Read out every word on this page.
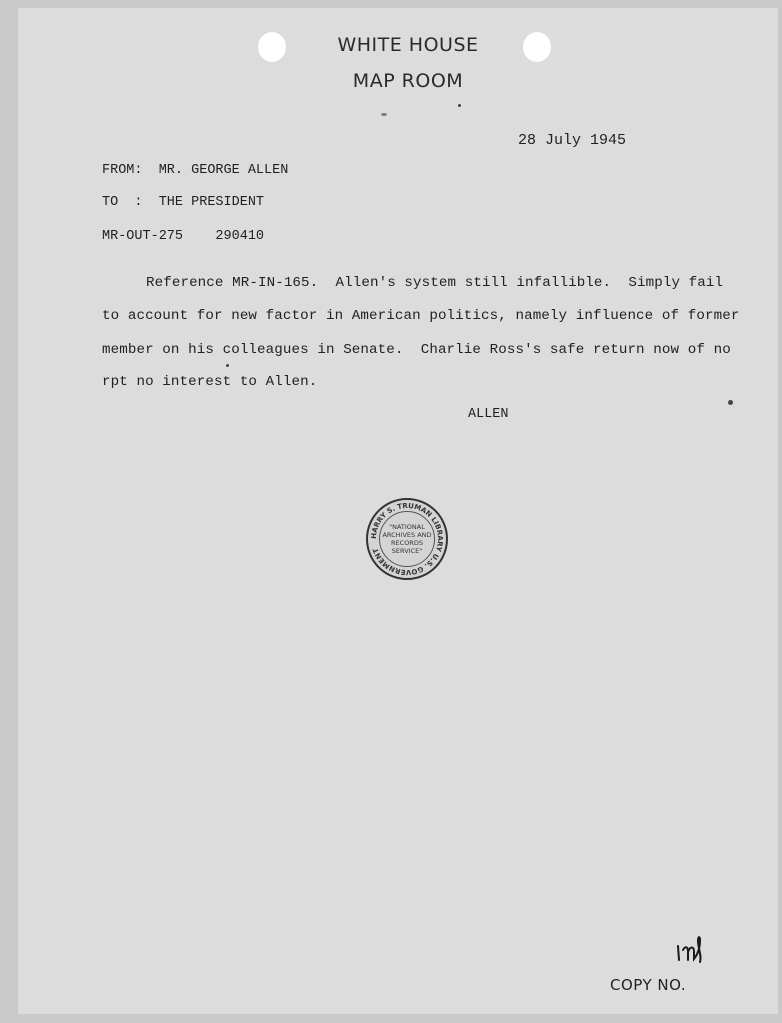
WHITE HOUSE
MAP ROOM
28 July 1945
FROM:  MR. GEORGE ALLEN
TO  :  THE PRESIDENT
MR-OUT-275    290410
Reference MR-IN-165.  Allen's system still infallible.  Simply fail
to account for new factor in American politics, namely influence of former
member on his colleagues in Senate.  Charlie Ross's safe return now of no
rpt no interest to Allen.
ALLEN
HARRY S. TRUMAN LIBRARY U.S. GOVERNMENT
"NATIONAL ARCHIVES AND RECORDS SERVICE"
COPY NO.
